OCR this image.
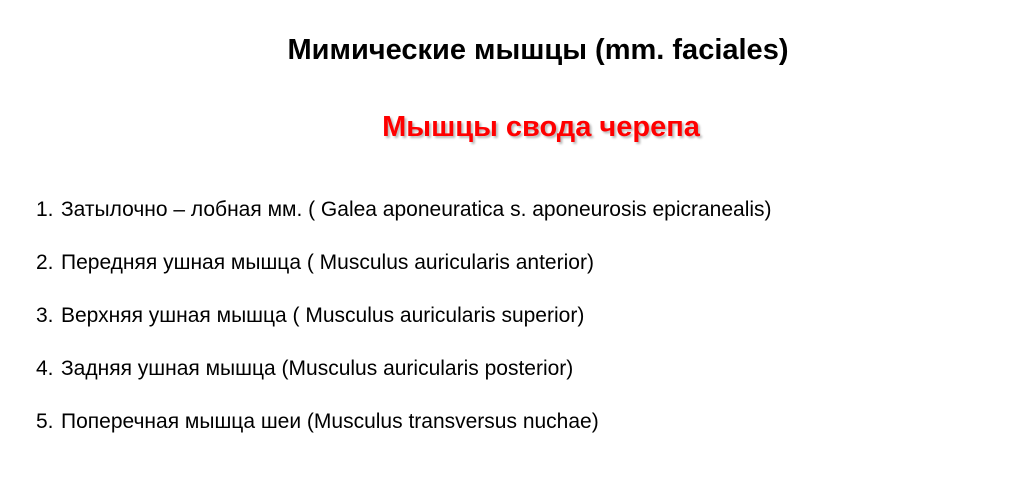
Мимические мышцы (mm. faciales)
Мышцы свода черепа
1. Затылочно – лобная мм. ( Galea aponeuratica s. aponeurosis epicranealis)
2. Передняя ушная мышца ( Musculus auricularis anterior)
3. Верхняя ушная мышца ( Musculus auricularis superior)
4. Задняя ушная мышца (Musculus auricularis posterior)
5. Поперечная мышца шеи (Musculus transversus nuchae)
